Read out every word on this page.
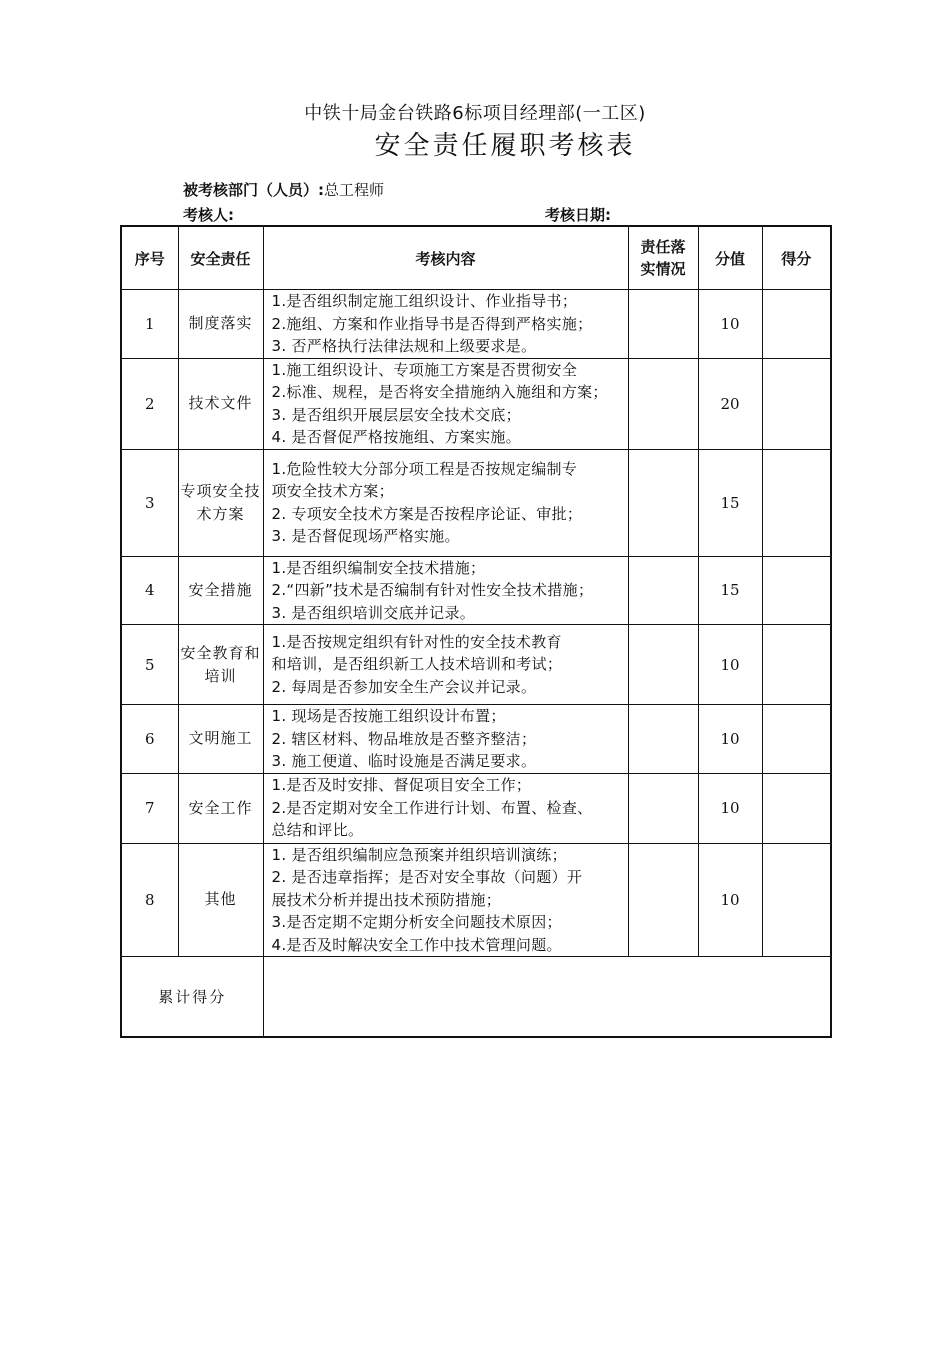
中铁十局金台铁路6标项目经理部(一工区)
安全责任履职考核表
被考核部门（人员）:总工程师
考核人:	考核日期:
序号	安全责任	考核内容	责任落实情况	分值	得分
1	制度落实	1.是否组织制定施工组织设计、作业指导书；
2.施组、方案和作业指导书是否得到严格实施；
3. 否严格执行法律法规和上级要求是。		10	
2	技术文件	1.施工组织设计、专项施工方案是否贯彻安全
2.标准、规程，是否将安全措施纳入施组和方案；
3. 是否组织开展层层安全技术交底；
4. 是否督促严格按施组、方案实施。		20	
3	专项安全技术方案	1.危险性较大分部分项工程是否按规定编制专
项安全技术方案；
2. 专项安全技术方案是否按程序论证、审批；
3. 是否督促现场严格实施。		15	
4	安全措施	1.是否组织编制安全技术措施；
2.“四新”技术是否编制有针对性安全技术措施；
3. 是否组织培训交底并记录。		15	
5	安全教育和培训	1.是否按规定组织有针对性的安全技术教育
和培训，是否组织新工人技术培训和考试；
2. 每周是否参加安全生产会议并记录。		10	
6	文明施工	1. 现场是否按施工组织设计布置；
2. 辖区材料、物品堆放是否整齐整洁；
3. 施工便道、临时设施是否满足要求。		10	
7	安全工作	1.是否及时安排、督促项目安全工作；
2.是否定期对安全工作进行计划、布置、检查、
总结和评比。		10	
8	其他	1. 是否组织编制应急预案并组织培训演练；
2. 是否违章指挥；是否对安全事故（问题）开
展技术分析并提出技术预防措施；
3.是否定期不定期分析安全问题技术原因；
4.是否及时解决安全工作中技术管理问题。		10	
累计得分					
